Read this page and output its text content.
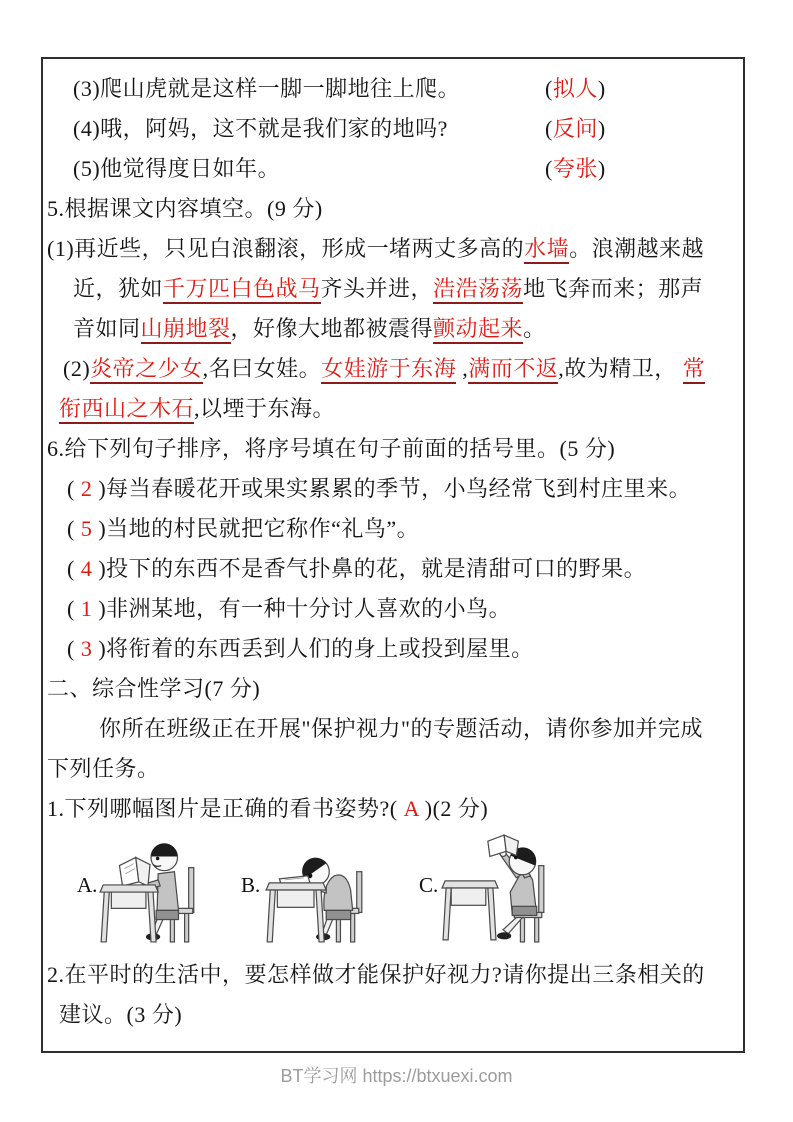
(3)爬山虎就是这样一脚一脚地往上爬。	(拟人)
(4)哦，阿妈，这不就是我们家的地吗?	(反问)
(5)他觉得度日如年。	(夸张)
5.根据课文内容填空。(9 分)
(1)再近些，只见白浪翻滚，形成一堵两丈多高的水墙。浪潮越来越
近，犹如千万匹白色战马齐头并进，浩浩荡荡地飞奔而来；那声
音如同山崩地裂，好像大地都被震得颤动起来。
(2)炎帝之少女,名曰女娃。女娃游于东海 ,满而不返,故为精卫， 常
衔西山之木石,以堙于东海。
6.给下列句子排序，将序号填在句子前面的括号里。(5 分)
( 2 )每当春暖花开或果实累累的季节，小鸟经常飞到村庄里来。
( 5 )当地的村民就把它称作“礼鸟”。
( 4 )投下的东西不是香气扑鼻的花，就是清甜可口的野果。
( 1 )非洲某地，有一种十分讨人喜欢的小鸟。
( 3 )将衔着的东西丢到人们的身上或投到屋里。
二、综合性学习(7 分)
你所在班级正在开展"保护视力"的专题活动，请你参加并完成
下列任务。
1.下列哪幅图片是正确的看书姿势?( A )(2 分)
A.	B.	C.
2.在平时的生活中，要怎样做才能保护好视力?请你提出三条相关的
建议。(3 分)
BT学习网 https://btxuexi.com
